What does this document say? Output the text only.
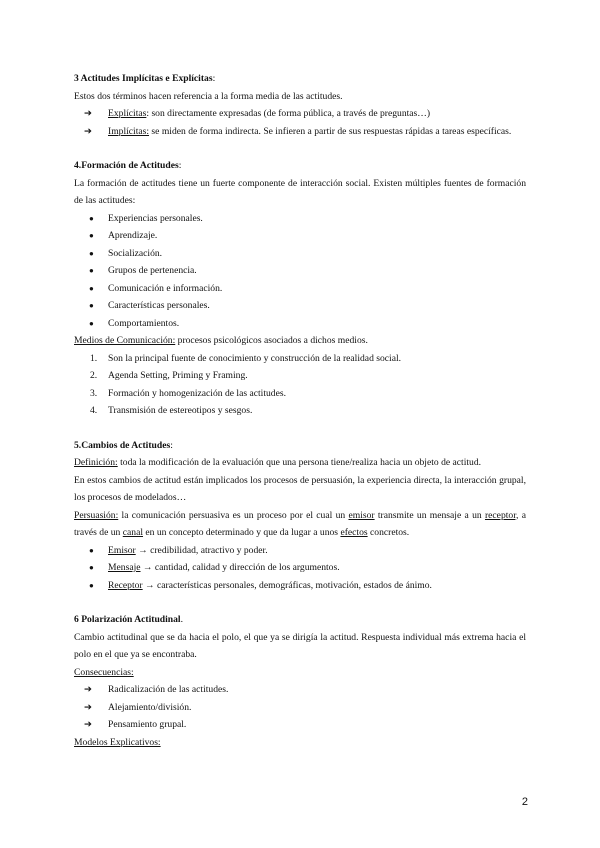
3 Actitudes Implícitas e Explícitas:
Estos dos términos hacen referencia a la forma media de las actitudes.
➔ Explícitas: son directamente expresadas (de forma pública, a través de preguntas…)
➔ Implícitas: se miden de forma indirecta. Se infieren a partir de sus respuestas rápidas a tareas específicas.
4.Formación de Actitudes:
La formación de actitudes tiene un fuerte componente de interacción social. Existen múltiples fuentes de formación de las actitudes:
● Experiencias personales.
● Aprendizaje.
● Socialización.
● Grupos de pertenencia.
● Comunicación e información.
● Características personales.
● Comportamientos.
Medios de Comunicación: procesos psicológicos asociados a dichos medios.
1. Son la principal fuente de conocimiento y construcción de la realidad social.
2. Agenda Setting, Priming y Framing.
3. Formación y homogenización de las actitudes.
4. Transmisión de estereotipos y sesgos.
5.Cambios de Actitudes:
Definición: toda la modificación de la evaluación que una persona tiene/realiza hacia un objeto de actitud.
En estos cambios de actitud están implicados los procesos de persuasión, la experiencia directa, la interacción grupal, los procesos de modelados…
Persuasión: la comunicación persuasiva es un proceso por el cual un emisor transmite un mensaje a un receptor, a través de un canal en un concepto determinado y que da lugar a unos efectos concretos.
● Emisor → credibilidad, atractivo y poder.
● Mensaje → cantidad, calidad y dirección de los argumentos.
● Receptor → características personales, demográficas, motivación, estados de ánimo.
6 Polarización Actitudinal.
Cambio actitudinal que se da hacia el polo, el que ya se dirigía la actitud. Respuesta individual más extrema hacia el polo en el que ya se encontraba.
Consecuencias:
➔ Radicalización de las actitudes.
➔ Alejamiento/división.
➔ Pensamiento grupal.
Modelos Explicativos:
2
